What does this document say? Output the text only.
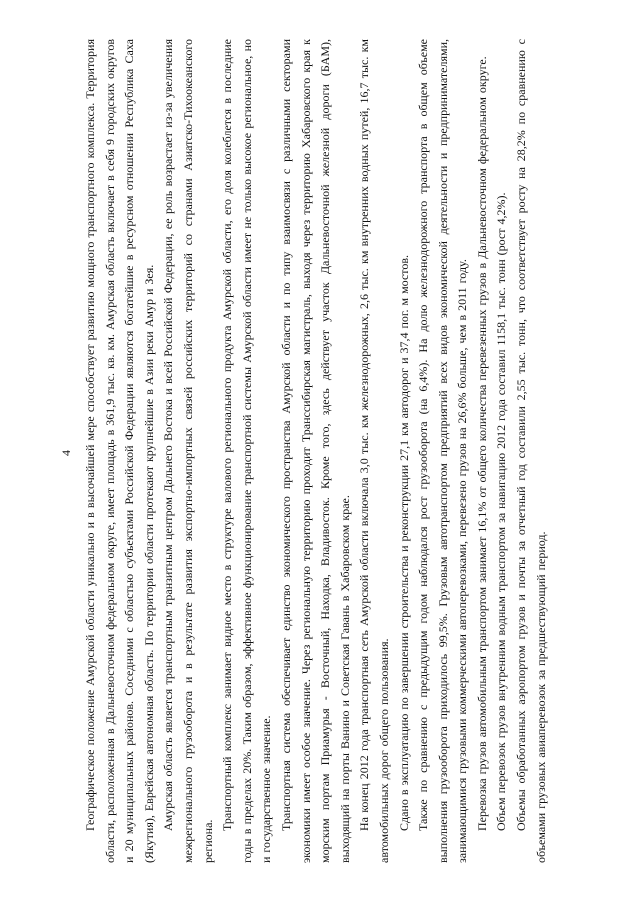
4 Географическое положение Амурской области уникально и в высочайшей мере способствует развитию мощного транспортного комплекса. Территория области, расположенная в Дальневосточном федеральном округе, имеет площадь в 361,9 тыс. кв. км. Амурская область включает в себя 9 городских округов и 20 муниципальных районов. Соседними с областью субъектами Российской Федерации являются богатейшие в ресурсном отношении Республика Саха (Якутия), Еврейская автономная область. По территории области протекают крупнейшие в Азии реки Амур и Зея. Амурская область является транспортным транзитным центром Дальнего Востока и всей Российской Федерации, ее роль возрастает из-за увеличения межрегионального грузооборота и в результате развития экспортно-импортных связей российских территорий со странами Азиатско-Тихоокеанского региона.

Транспортный комплекс занимает видное место в структуре валового регионального продукта Амурской области, его доля колеблется в последние годы в пределах 20%. Таким образом, эффективное функционирование транспортной системы Амурской области имеет не только высокое региональное, но и государственное значение. Транспортная система обеспечивает единство экономического пространства Амурской области и по типу взаимосвязи с различными секторами экономики имеет особое значение. Через региональную территорию проходит Транссибирская магистраль, выходя через территорию Хабаровского края к морским портам Приамурья - Восточный, Находка, Владивосток. Кроме того, здесь действует участок Дальневосточной железной дороги (БАМ), выходящий на порты Ванино и Советская Гавань в Хабаровском крае. На конец 2012 года транспортная сеть Амурской области включала 3,0 тыс. км железнодорожных, 2,6 тыс. км внутренних водных путей, 16,7 тыс. км автомобильных дорог общего пользования. Сдано в эксплуатацию по завершении строительства и реконструкции 27,1 км автодорог и 37,4 пог. м мостов. Также по сравнению с предыдущим годом наблюдался рост грузооборота (на 6,4%). На долю железнодорожного транспорта в общем объеме выполнения грузооборота приходилось 99,5%. Грузовым автотранспортом предприятий всех видов экономической деятельности и предпринимателями, занимающимися грузовыми коммерческими автоперевозками, перевезено грузов на 26,6% больше, чем в 2011 году. Перевозка грузов автомобильным транспортом занимает 16,1% от общего количества перевезенных грузов в Дальневосточном федеральном округе. Объем перевозок грузов внутренним водным транспортом за навигацию 2012 года составил 1158,1 тыс. тонн (рост 4,2%). Объемы обработанных аэропортом грузов и почты за отчетный год составили 2,55 тыс. тонн, что соответствует росту на 28,2% по сравнению с объемами грузовых авиаперевозок за предшествующий период.
